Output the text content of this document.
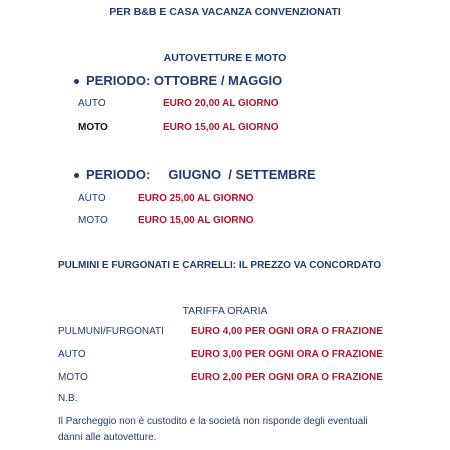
PER B&B E CASA VACANZA CONVENZIONATI
AUTOVETTURE E MOTO
PERIODO: OTTOBRE / MAGGIO
AUTO	EURO 20,00 AL GIORNO
MOTO	EURO 15,00 AL GIORNO
PERIODO:     GIUGNO  / SETTEMBRE
AUTO	EURO 25,00 AL GIORNO
MOTO	EURO 15,00 AL GIORNO
PULMINI E FURGONATI E CARRELLI: IL PREZZO VA CONCORDATO
TARIFFA ORARIA
PULMUNI/FURGONATI	EURO 4,00 PER OGNI ORA O FRAZIONE
AUTO	EURO 3,00 PER OGNI ORA O FRAZIONE
MOTO	EURO 2,00 PER OGNI ORA O FRAZIONE
N.B.
Il Parcheggio non è custodito e la società non risponde degli eventuali
danni alle autovetture.
